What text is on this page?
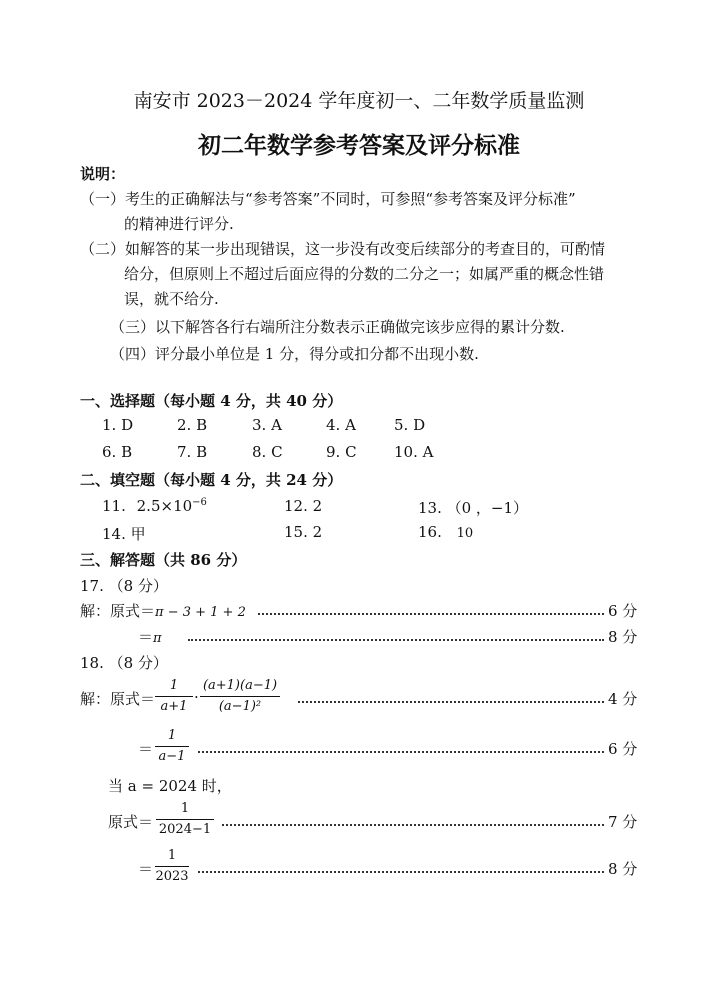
南安市 2023－2024 学年度初一、二年数学质量监测
初二年数学参考答案及评分标准
说明：
（一）考生的正确解法与“参考答案”不同时，可参照“参考答案及评分标准”
的精神进行评分.
（二）如解答的某一步出现错误，这一步没有改变后续部分的考查目的，可酌情
给分，但原则上不超过后面应得的分数的二分之一；如属严重的概念性错
误，就不给分.
（三）以下解答各行右端所注分数表示正确做完该步应得的累计分数.
（四）评分最小单位是 1 分，得分或扣分都不出现小数.
一、选择题（每小题 4 分，共 40 分）
1. D	2. B	3. A	4. A	5. D
6. B	7. B	8. C	9. C 10. A
二、填空题（每小题 4 分，共 24 分）
11. $2.5\times 10^{-6}$	12. 2	13. （0 ，−1）
14. 甲	15. 2	16. 10
三、解答题（共 86 分）
17. （8 分）
解：原式＝π − 3 + 1 + 2	6 分
＝π	8 分
18. （8 分）
解：原式＝
1
a+1
·
(a+1)(a−1)
(a−1)²	4 分
＝
1
a−1	6 分
当 a = 2024 时，
原式＝
1
2024−1	7 分
＝
1
2023	8 分
